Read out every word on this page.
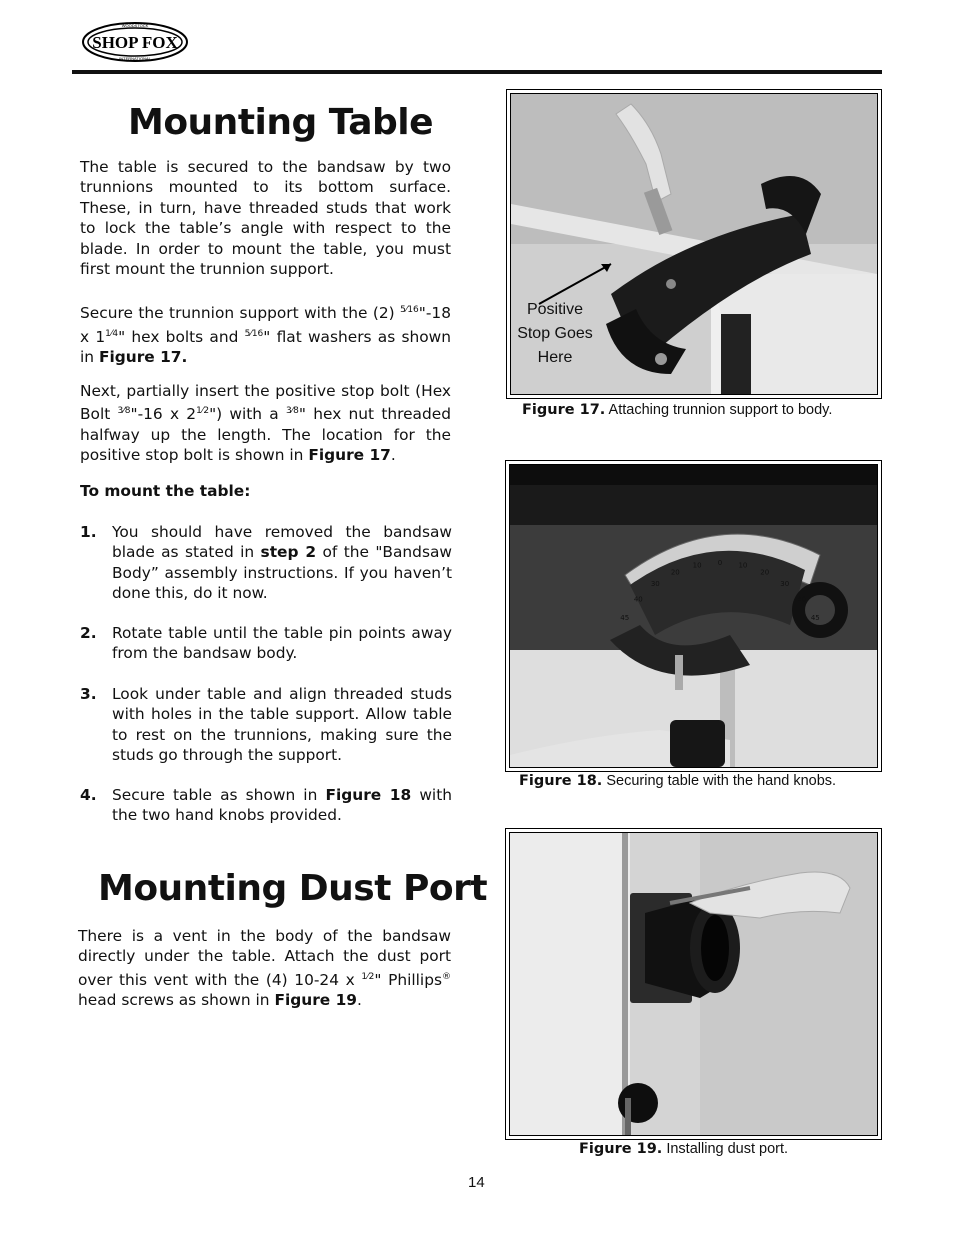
SHOP FOX
WOODSTOCK
INTERNATIONAL
Mounting Table

The table is secured to the bandsaw by two trunnions mounted to its bottom surface. These, in turn, have threaded studs that work to lock the table’s angle with respect to the blade. In order to mount the table, you must first mount the trunnion support.

Secure the trunnion support with the (2) $^{5⁄16}$"-18 x $1^{1⁄4}$" hex bolts and $^{5⁄16}$" flat washers as shown in Figure 17.

Next, partially insert the positive stop bolt (Hex Bolt $^{3⁄8}$"-16 x $2^{1⁄2}$") with a $^{3⁄8}$" hex nut threaded halfway up the length. The location for the positive stop bolt is shown in Figure 17.

To mount the table:
1. You should have removed the bandsaw blade as stated in step 2 of the "Bandsaw Body” assembly instructions. If you haven’t done this, do it now.
2. Rotate table until the table pin points away from the bandsaw body.
3. Look under table and align threaded studs with holes in the table support. Allow table to rest on the trunnions, making sure the studs go through the support.
4. Secure table as shown in Figure 18 with the two hand knobs provided.
Mounting Dust Port

There is a vent in the body of the bandsaw directly under the table. Attach the dust port over this vent with the (4) 10-24 x $^{1⁄2}$" Phillips® head screws as shown in Figure 19.

Positive
Stop Goes
Here
Figure 17. Attaching trunnion support to body.
45
40
30
20
10 0 10
20
30
40
45
Figure 18. Securing table with the hand knobs.
Figure 19. Installing dust port.
14
